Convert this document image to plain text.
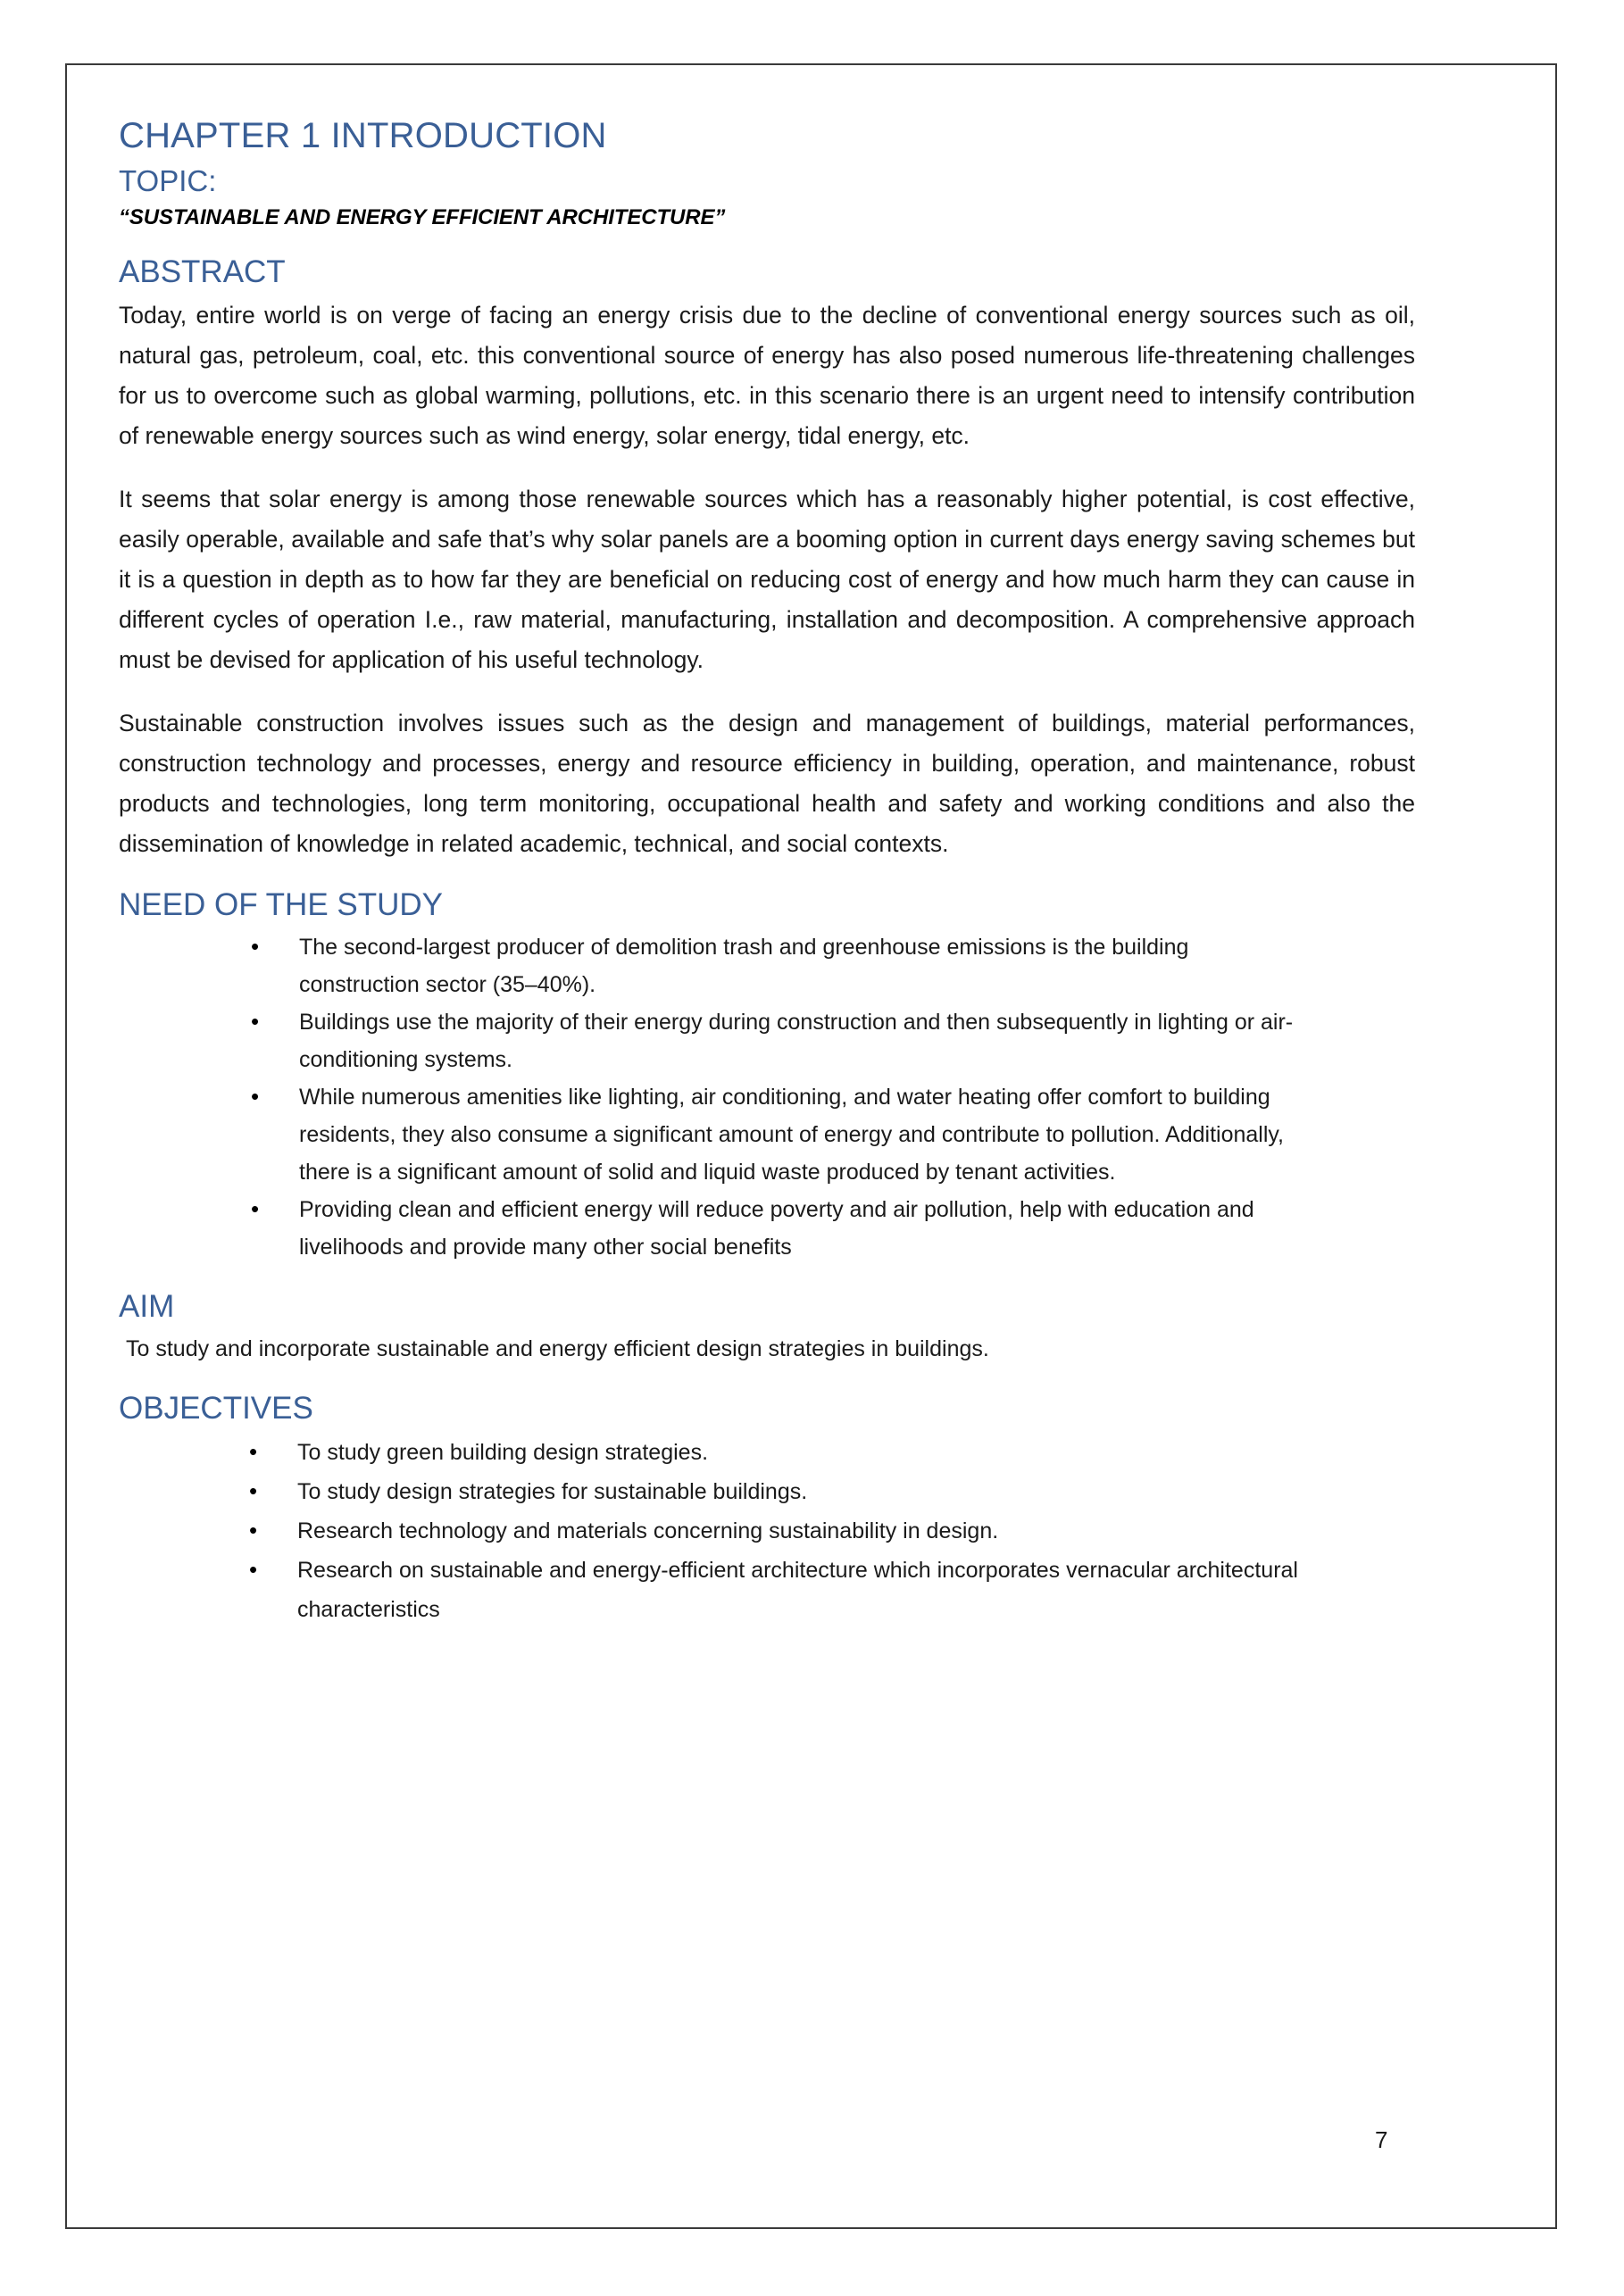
CHAPTER 1 INTRODUCTION
TOPIC:
“SUSTAINABLE AND ENERGY EFFICIENT ARCHITECTURE”
ABSTRACT

Today, entire world is on verge of facing an energy crisis due to the decline of conventional energy sources such as oil, natural gas, petroleum, coal, etc. this conventional source of energy has also posed numerous life-threatening challenges for us to overcome such as global warming, pollutions, etc. in this scenario there is an urgent need to intensify contribution of renewable energy sources such as wind energy, solar energy, tidal energy, etc.

It seems that solar energy is among those renewable sources which has a reasonably higher potential, is cost effective, easily operable, available and safe that’s why solar panels are a booming option in current days energy saving schemes but it is a question in depth as to how far they are beneficial on reducing cost of energy and how much harm they can cause in different cycles of operation I.e., raw material, manufacturing, installation and decomposition. A comprehensive approach must be devised for application of his useful technology.

Sustainable construction involves issues such as the design and management of buildings, material performances, construction technology and processes, energy and resource efficiency in building, operation, and maintenance, robust products and technologies, long term monitoring, occupational health and safety and working conditions and also the dissemination of knowledge in related academic, technical, and social contexts.

NEED OF THE STUDY
• The second-largest producer of demolition trash and greenhouse emissions is the building construction sector (35–40%).
• Buildings use the majority of their energy during construction and then subsequently in lighting or air-conditioning systems.
• While numerous amenities like lighting, air conditioning, and water heating offer comfort to building residents, they also consume a significant amount of energy and contribute to pollution. Additionally, there is a significant amount of solid and liquid waste produced by tenant activities.
• Providing clean and efficient energy will reduce poverty and air pollution, help with education and livelihoods and provide many other social benefits
AIM

To study and incorporate sustainable and energy efficient design strategies in buildings.

OBJECTIVES
• To study green building design strategies.
• To study design strategies for sustainable buildings.
• Research technology and materials concerning sustainability in design.
• Research on sustainable and energy-efficient architecture which incorporates vernacular architectural characteristics
7
